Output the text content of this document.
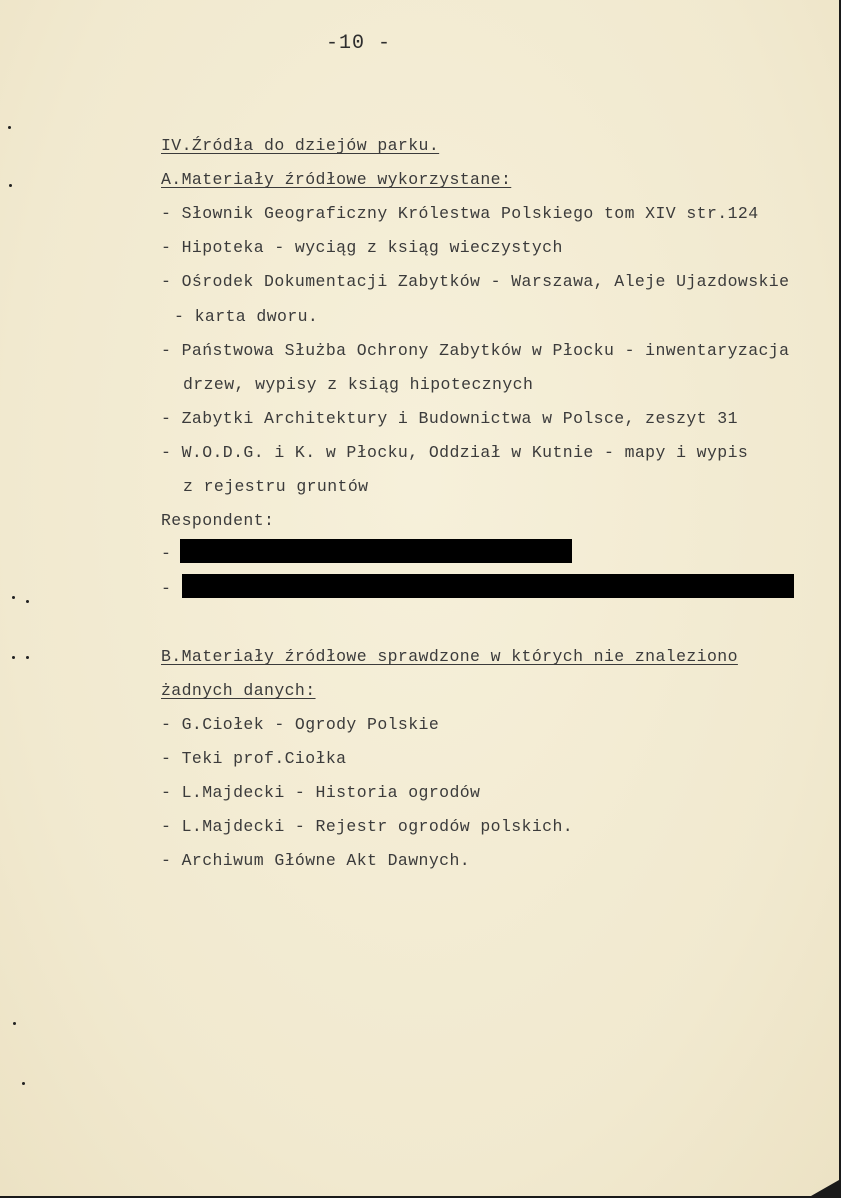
-10 -
IV.Źródła do dziejów parku.
A.Materiały źródłowe wykorzystane:
- Słownik Geograficzny Królestwa Polskiego tom XIV str.124
- Hipoteka - wyciąg z ksiąg wieczystych
- Ośrodek Dokumentacji Zabytków - Warszawa, Aleje Ujazdowskie
- karta dworu.
- Państwowa Służba Ochrony Zabytków w Płocku - inwentaryzacja
drzew, wypisy z ksiąg hipotecznych
- Zabytki Architektury i Budownictwa w Polsce, zeszyt 31
- W.O.D.G. i K. w Płocku, Oddział w Kutnie - mapy i wypis
z rejestru gruntów
Respondent:
-
-
B.Materiały źródłowe sprawdzone w których nie znaleziono
żadnych danych:
- G.Ciołek - Ogrody Polskie
- Teki prof.Ciołka
- L.Majdecki - Historia ogrodów
- L.Majdecki - Rejestr ogrodów polskich.
- Archiwum Główne Akt Dawnych.
